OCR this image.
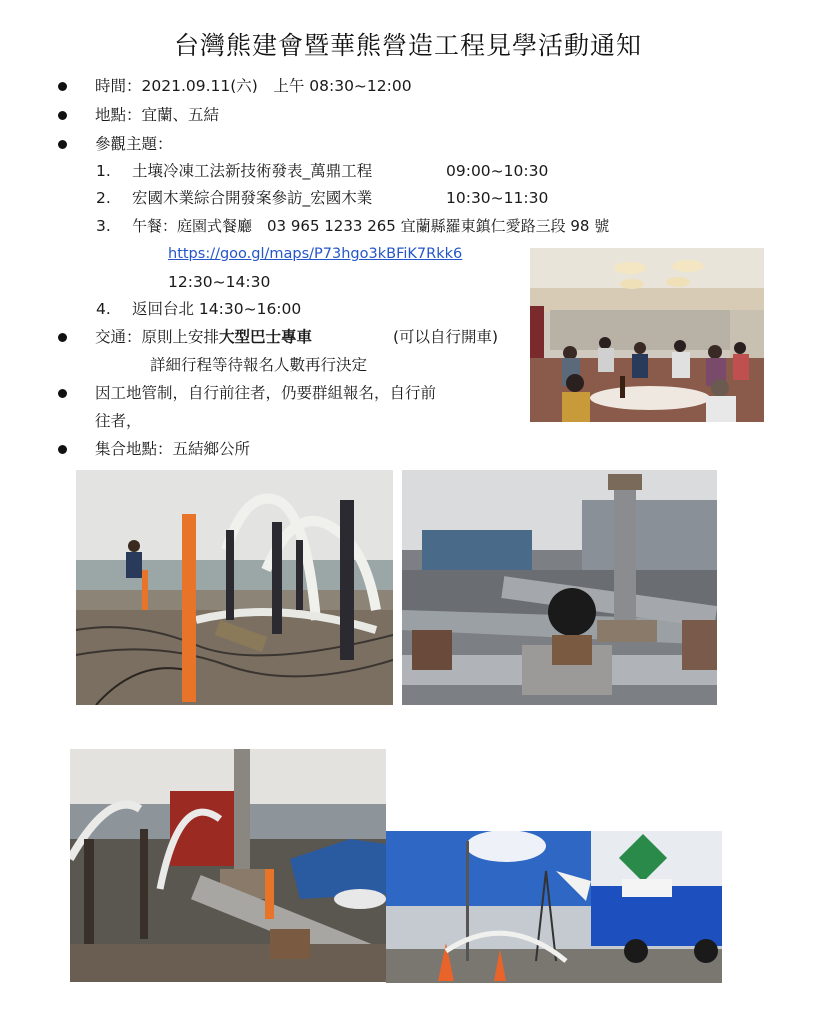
台灣熊建會暨華熊營造工程見學活動通知
時間：2021.09.11(六)　上午 08:30~12:00
地點：宜蘭、五結
參觀主題：
1. 土壤冷凍工法新技術發表_萬鼎工程	09:00~10:30
2. 宏國木業綜合開發案參訪_宏國木業	10:30~11:30
3. 午餐：庭園式餐廳　03 965 1233 265 宜蘭縣羅東鎮仁愛路三段 98 號
https://goo.gl/maps/P73hgo3kBFiK7Rkk6
12:30~14:30
4. 返回台北 14:30~16:00
交通：原則上安排大型巴士專車	(可以自行開車)
詳細行程等待報名人數再行決定
因工地管制，自行前往者，仍要群組報名，自行前
往者，
集合地點：五結鄉公所
